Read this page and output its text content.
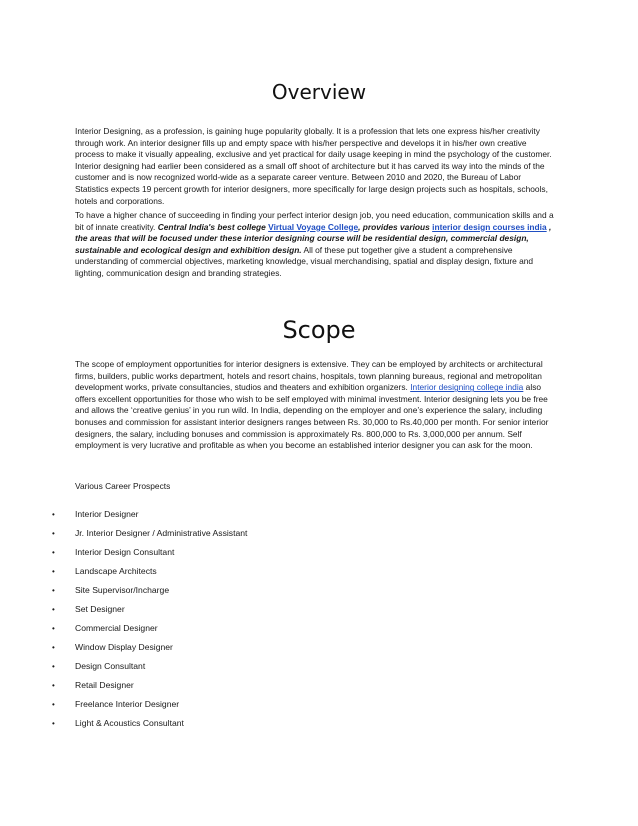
Overview

Interior Designing, as a profession, is gaining huge popularity globally. It is a profession that lets one express his/her creativity through work. An interior designer fills up and empty space with his/her perspective and develops it in his/her own creative process to make it visually appealing, exclusive and yet practical for daily usage keeping in mind the psychology of the customer. Interior designing had earlier been considered as a small off shoot of architecture but it has carved its way into the minds of the customer and is now recognized world-wide as a separate career venture. Between 2010 and 2020, the Bureau of Labor Statistics expects 19 percent growth for interior designers, more specifically for large design projects such as hospitals, schools, hotels and corporations.

To have a higher chance of succeeding in finding your perfect interior design job, you need education, communication skills and a bit of innate creativity. Central India's best college Virtual Voyage College, provides various interior design courses india , the areas that will be focused under these interior designing course will be residential design, commercial design, sustainable and ecological design and exhibition design. All of these put together give a student a comprehensive understanding of commercial objectives, marketing knowledge, visual merchandising, spatial and display design, fixture and lighting, communication design and branding strategies.

Scope

The scope of employment opportunities for interior designers is extensive. They can be employed by architects or architectural firms, builders, public works department, hotels and resort chains, hospitals, town planning bureaus, regional and metropolitan development works, private consultancies, studios and theaters and exhibition organizers. Interior designing college india also offers excellent opportunities for those who wish to be self employed with minimal investment. Interior designing lets you be free and allows the ‘creative genius’ in you run wild. In India, depending on the employer and one’s experience the salary, including bonuses and commission for assistant interior designers ranges between Rs. 30,000 to Rs.40,000 per month. For senior interior designers, the salary, including bonuses and commission is approximately Rs. 800,000 to Rs. 3,000,000 per annum. Self employment is very lucrative and profitable as when you become an established interior designer you can ask for the moon.

Various Career Prospects

• Interior Designer
• Jr. Interior Designer / Administrative Assistant
• Interior Design Consultant
• Landscape Architects
• Site Supervisor/Incharge
• Set Designer
• Commercial Designer
• Window Display Designer
• Design Consultant
• Retail Designer
• Freelance Interior Designer
• Light & Acoustics Consultant
